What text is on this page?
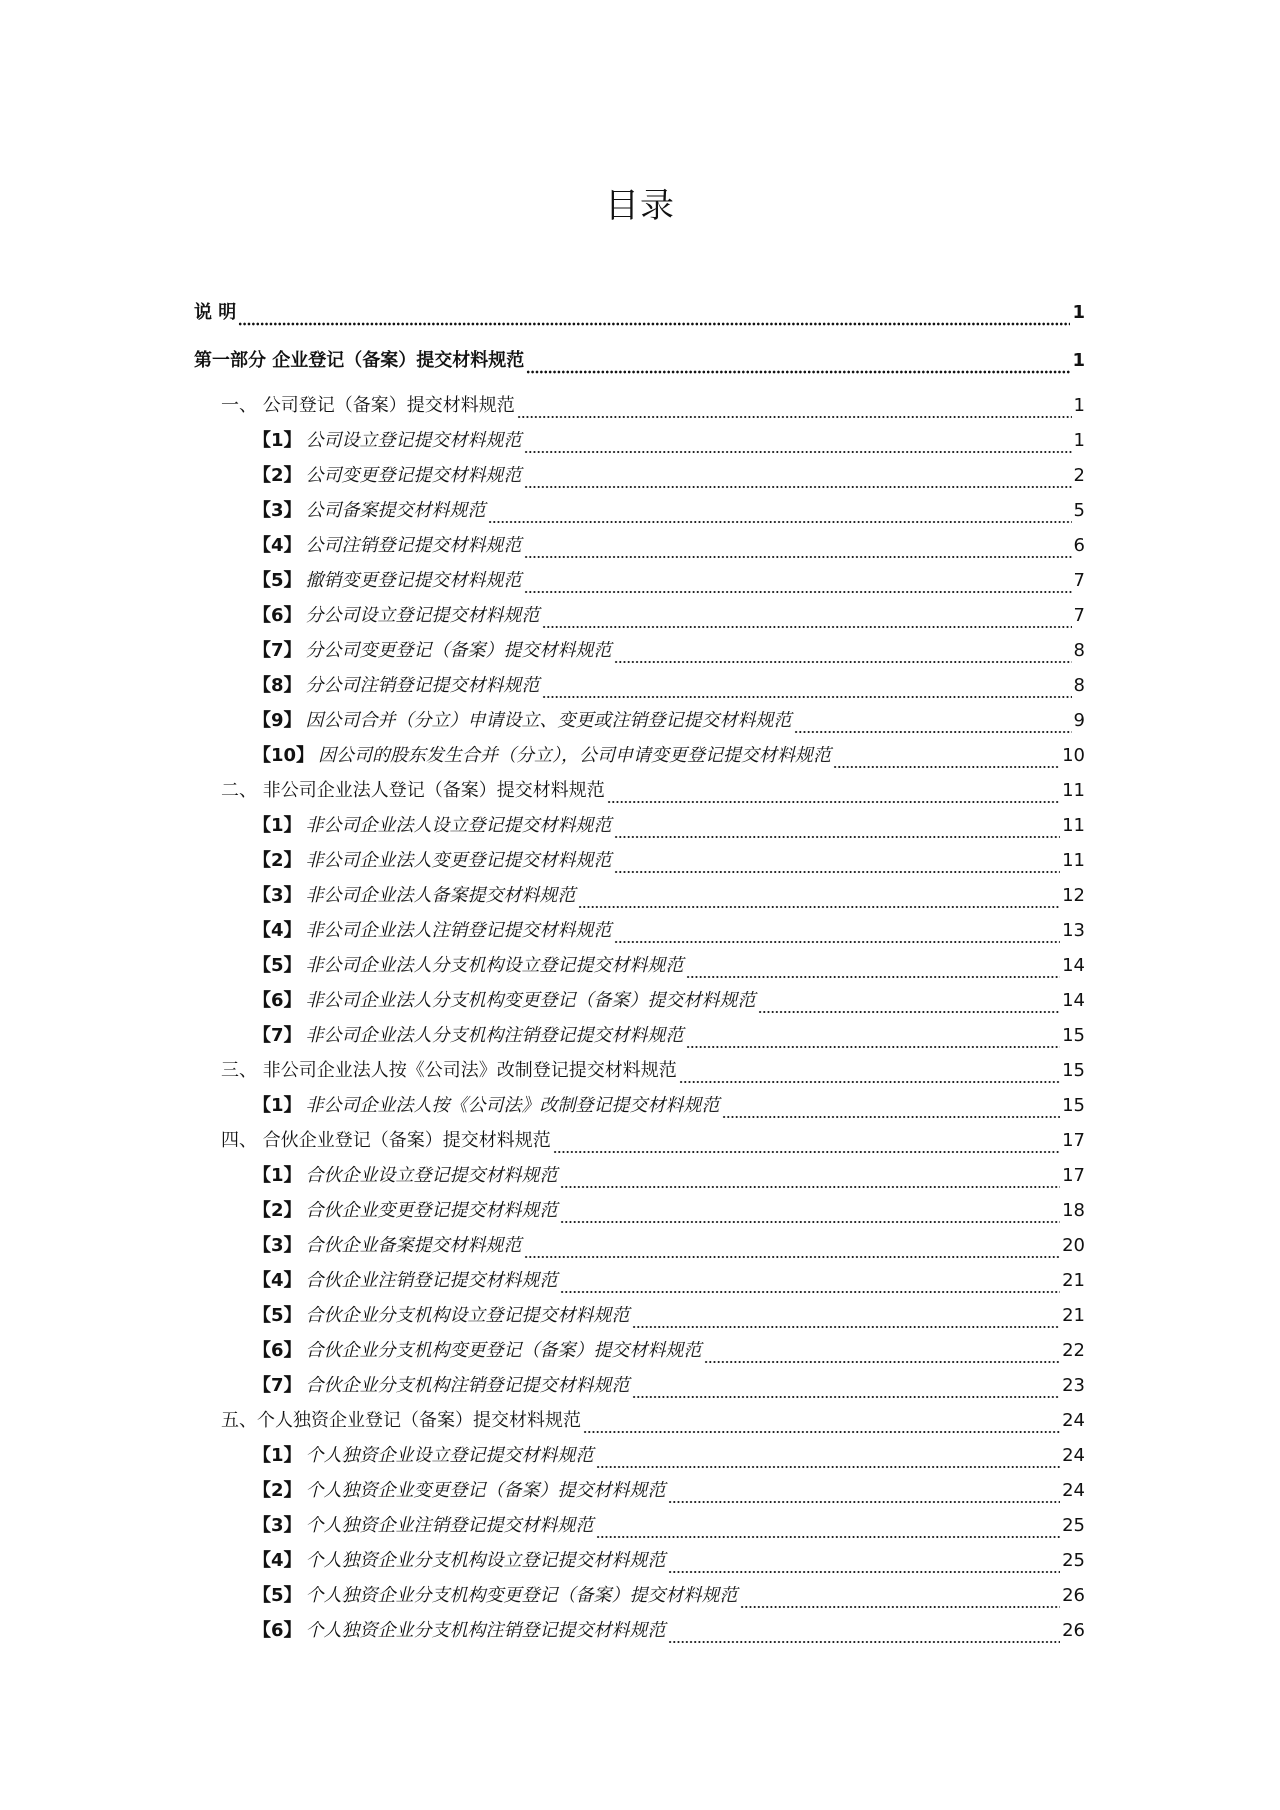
目录
说 明	1
第一部分 企业登记（备案）提交材料规范	1
一、 公司登记（备案）提交材料规范	1
【1】 公司设立登记提交材料规范	1
【2】 公司变更登记提交材料规范	2
【3】 公司备案提交材料规范	5
【4】 公司注销登记提交材料规范	6
【5】 撤销变更登记提交材料规范	7
【6】 分公司设立登记提交材料规范	7
【7】 分公司变更登记（备案）提交材料规范	8
【8】 分公司注销登记提交材料规范	8
【9】 因公司合并（分立）申请设立、变更或注销登记提交材料规范	9
【10】 因公司的股东发生合并（分立），公司申请变更登记提交材料规范	10
二、 非公司企业法人登记（备案）提交材料规范	11
【1】 非公司企业法人设立登记提交材料规范	11
【2】 非公司企业法人变更登记提交材料规范	11
【3】 非公司企业法人备案提交材料规范	12
【4】 非公司企业法人注销登记提交材料规范	13
【5】 非公司企业法人分支机构设立登记提交材料规范	14
【6】 非公司企业法人分支机构变更登记（备案）提交材料规范	14
【7】 非公司企业法人分支机构注销登记提交材料规范	15
三、 非公司企业法人按《公司法》改制登记提交材料规范	15
【1】 非公司企业法人按《公司法》改制登记提交材料规范	15
四、 合伙企业登记（备案）提交材料规范	17
【1】 合伙企业设立登记提交材料规范	17
【2】 合伙企业变更登记提交材料规范	18
【3】 合伙企业备案提交材料规范	20
【4】 合伙企业注销登记提交材料规范	21
【5】 合伙企业分支机构设立登记提交材料规范	21
【6】 合伙企业分支机构变更登记（备案）提交材料规范	22
【7】 合伙企业分支机构注销登记提交材料规范	23
五、个人独资企业登记（备案）提交材料规范	24
【1】 个人独资企业设立登记提交材料规范	24
【2】 个人独资企业变更登记（备案）提交材料规范	24
【3】 个人独资企业注销登记提交材料规范	25
【4】 个人独资企业分支机构设立登记提交材料规范	25
【5】 个人独资企业分支机构变更登记（备案）提交材料规范	26
【6】 个人独资企业分支机构注销登记提交材料规范	26
